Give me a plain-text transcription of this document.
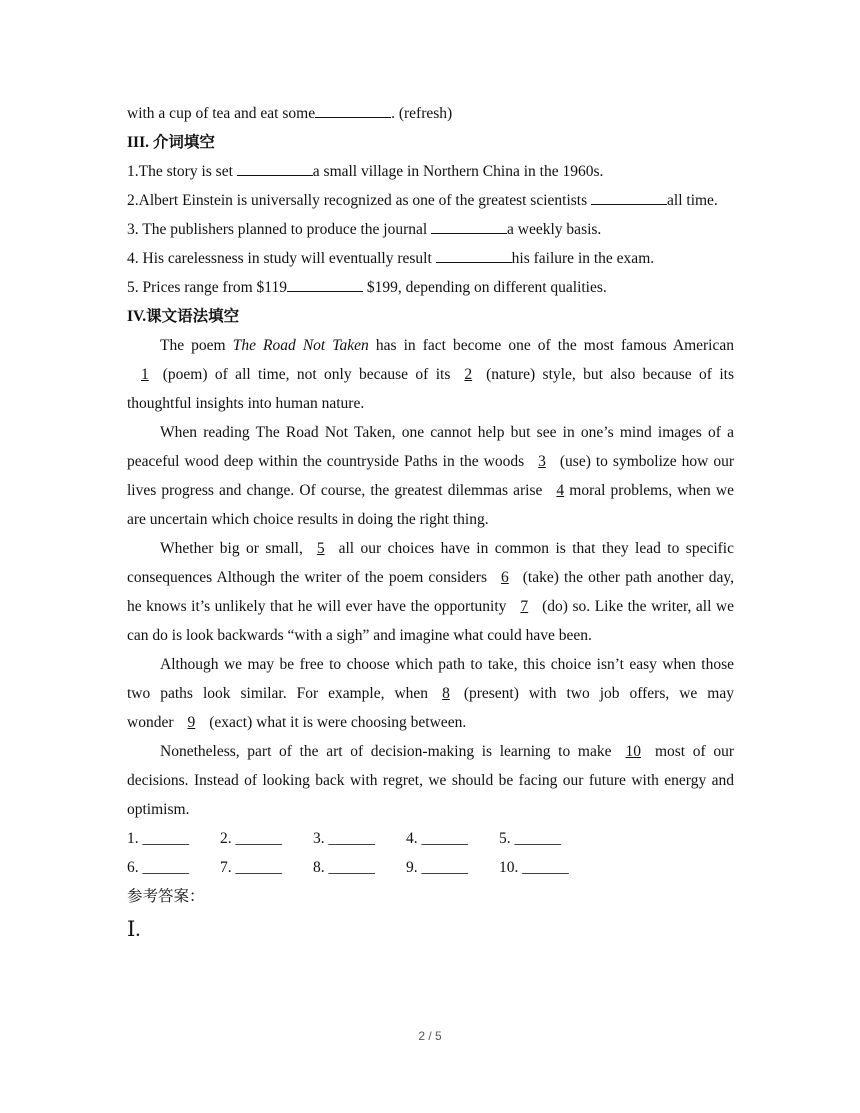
with a cup of tea and eat some	. (refresh)
III. 介词填空
1.The story is set	a small village in Northern China in the 1960s.

2.Albert Einstein is universally recognized as one of the greatest scientists	all time.

3. The publishers planned to produce the journal	a weekly basis.
4. His carelessness in study will eventually result	his failure in the exam.
5. Prices range from $119	$199, depending on different qualities.
IV.课文语法填空

The poem The Road Not Taken has in fact become one of the most famous American 1 (poem) of all time, not only because of its 2 (nature) style, but also because of its thoughtful insights into human nature.

When reading The Road Not Taken, one cannot help but see in one’s mind images of a peaceful wood deep within the countryside Paths in the woods 3 (use) to symbolize how our lives progress and change. Of course, the greatest dilemmas arise 4 moral problems, when we are uncertain which choice results in doing the right thing.

Whether big or small, 5 all our choices have in common is that they lead to specific consequences Although the writer of the poem considers 6 (take) the other path another day, he knows it’s unlikely that he will ever have the opportunity 7 (do) so. Like the writer, all we can do is look backwards “with a sigh” and imagine what could have been.

Although we may be free to choose which path to take, this choice isn’t easy when those two paths look similar. For example, when 8 (present) with two job offers, we may wonder 9 (exact) what it is were choosing between.

Nonetheless, part of the art of decision-making is learning to make 10 most of our decisions. Instead of looking back with regret, we should be facing our future with energy and optimism.

1. ______	2. ______	3. ______	4. ______	5. ______
6. ______	7. ______	8. ______	9. ______	10. ______
参考答案：
Ⅰ.
2 / 5
